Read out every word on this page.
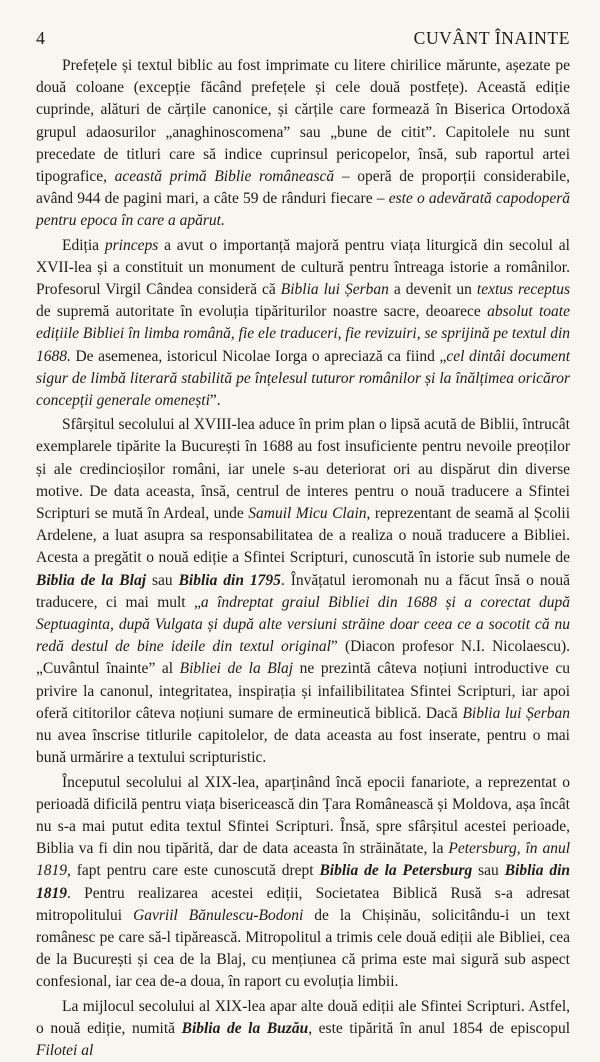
4	CUVÂNT ÎNAINTE

Prefețele și textul biblic au fost imprimate cu litere chirilice mărunte, așezate pe două coloane (excepție făcând prefețele și cele două postfețe). Această ediție cuprinde, alături de cărțile canonice, și cărțile care formează în Biserica Ortodoxă grupul adaosurilor „anaghinoscomena” sau „bune de citit”. Capitolele nu sunt precedate de titluri care să indice cuprinsul pericopelor, însă, sub raportul artei tipografice, această primă Biblie românească – operă de proporții considerabile, având 944 de pagini mari, a câte 59 de rânduri fiecare – este o adevărată capodoperă pentru epoca în care a apărut.

Ediția princeps a avut o importanță majoră pentru viața liturgică din secolul al XVII-lea și a constituit un monument de cultură pentru întreaga istorie a românilor. Profesorul Virgil Cândea consideră că Biblia lui Șerban a devenit un textus receptus de supremă autoritate în evoluția tipăriturilor noastre sacre, deoarece absolut toate edițiile Bibliei în limba română, fie ele traduceri, fie revizuiri, se sprijină pe textul din 1688. De asemenea, istoricul Nicolae Iorga o apreciază ca fiind „cel dintâi document sigur de limbă literară stabilită pe înțelesul tuturor românilor și la înălțimea oricăror concepții generale omenești”.

Sfârșitul secolului al XVIII-lea aduce în prim plan o lipsă acută de Biblii, întrucât exemplarele tipărite la București în 1688 au fost insuficiente pentru nevoile preoților și ale credincioșilor români, iar unele s-au deteriorat ori au dispărut din diverse motive. De data aceasta, însă, centrul de interes pentru o nouă traducere a Sfintei Scripturi se mută în Ardeal, unde Samuil Micu Clain, reprezentant de seamă al Școlii Ardelene, a luat asupra sa responsabilitatea de a realiza o nouă traducere a Bibliei. Acesta a pregătit o nouă ediție a Sfintei Scripturi, cunoscută în istorie sub numele de Biblia de la Blaj sau Biblia din 1795. Învățatul ieromonah nu a făcut însă o nouă traducere, ci mai mult „a îndreptat graiul Bibliei din 1688 și a corectat după Septuaginta, după Vulgata și după alte versiuni străine doar ceea ce a socotit că nu redă destul de bine ideile din textul original” (Diacon profesor N.I. Nicolaescu). „Cuvântul înainte” al Bibliei de la Blaj ne prezintă câteva noțiuni introductive cu privire la canonul, integritatea, inspirația și infailibilitatea Sfintei Scripturi, iar apoi oferă cititorilor câteva noțiuni sumare de ermineutică biblică. Dacă Biblia lui Șerban nu avea înscrise titlurile capitolelor, de data aceasta au fost inserate, pentru o mai bună urmărire a textului scripturistic.

Începutul secolului al XIX-lea, aparținând încă epocii fanariote, a reprezentat o perioadă dificilă pentru viața bisericească din Țara Românească și Moldova, așa încât nu s-a mai putut edita textul Sfintei Scripturi. Însă, spre sfârșitul acestei perioade, Biblia va fi din nou tipărită, dar de data aceasta în străinătate, la Petersburg, în anul 1819, fapt pentru care este cunoscută drept Biblia de la Petersburg sau Biblia din 1819. Pentru realizarea acestei ediții, Societatea Biblică Rusă s-a adresat mitropolitului Gavriil Bănulescu-Bodoni de la Chișinău, solicitându-i un text românesc pe care să-l tipărească. Mitropolitul a trimis cele două ediții ale Bibliei, cea de la București și cea de la Blaj, cu mențiunea că prima este mai sigură sub aspect confesional, iar cea de-a doua, în raport cu evoluția limbii.

La mijlocul secolului al XIX-lea apar alte două ediții ale Sfintei Scripturi. Astfel, o nouă ediție, numită Biblia de la Buzău, este tipărită în anul 1854 de episcopul Filotei al
